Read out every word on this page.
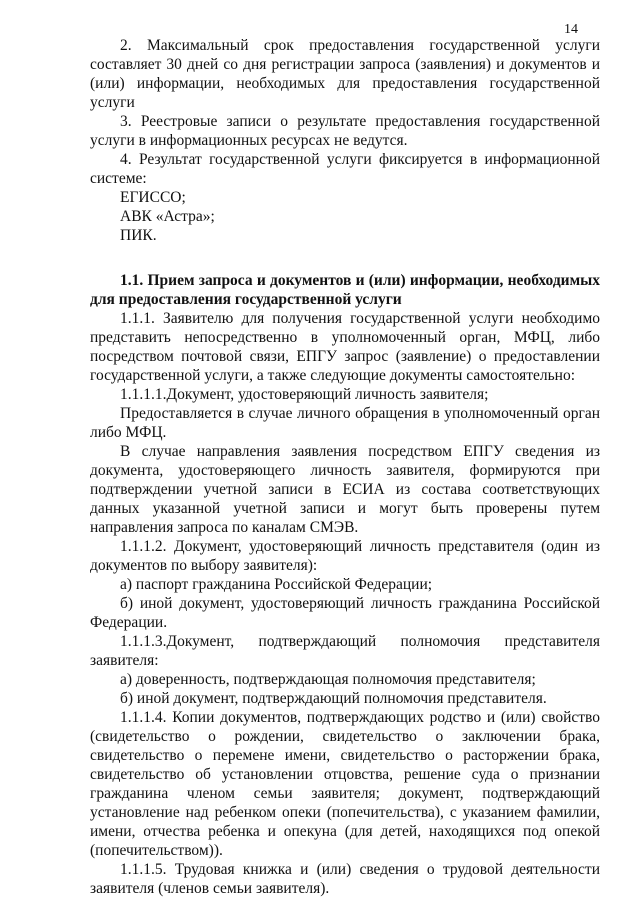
14

2. Максимальный срок предоставления государственной услуги составляет 30 дней со дня регистрации запроса (заявления) и документов и (или) информации, необходимых для предоставления государственной услуги

3. Реестровые записи о результате предоставления государственной услуги в информационных ресурсах не ведутся.

4. Результат государственной услуги фиксируется в информационной системе:

ЕГИССО;

АВК «Астра»;

ПИК.

1.1. Прием запроса и документов и (или) информации, необходимых для предоставления государственной услуги

1.1.1. Заявителю для получения государственной услуги необходимо представить непосредственно в уполномоченный орган, МФЦ, либо посредством почтовой связи, ЕПГУ запрос (заявление) о предоставлении государственной услуги, а также следующие документы самостоятельно:

1.1.1.1.Документ, удостоверяющий личность заявителя;

Предоставляется в случае личного обращения в уполномоченный орган либо МФЦ.

В случае направления заявления посредством ЕПГУ сведения из документа, удостоверяющего личность заявителя, формируются при подтверждении учетной записи в ЕСИА из состава соответствующих данных указанной учетной записи и могут быть проверены путем направления запроса по каналам СМЭВ.

1.1.1.2. Документ, удостоверяющий личность представителя (один из документов по выбору заявителя):

а) паспорт гражданина Российской Федерации;

б) иной документ, удостоверяющий личность гражданина Российской Федерации.

1.1.1.3.Документ, подтверждающий полномочия представителя заявителя:

а) доверенность, подтверждающая полномочия представителя;

б) иной документ, подтверждающий полномочия представителя.

1.1.1.4. Копии документов, подтверждающих родство и (или) свойство (свидетельство о рождении, свидетельство о заключении брака, свидетельство о перемене имени, свидетельство о расторжении брака, свидетельство об установлении отцовства, решение суда о признании гражданина членом семьи заявителя; документ, подтверждающий установление над ребенком опеки (попечительства), с указанием фамилии, имени, отчества ребенка и опекуна (для детей, находящихся под опекой (попечительством)).

1.1.1.5. Трудовая книжка и (или) сведения о трудовой деятельности заявителя (членов семьи заявителя).
